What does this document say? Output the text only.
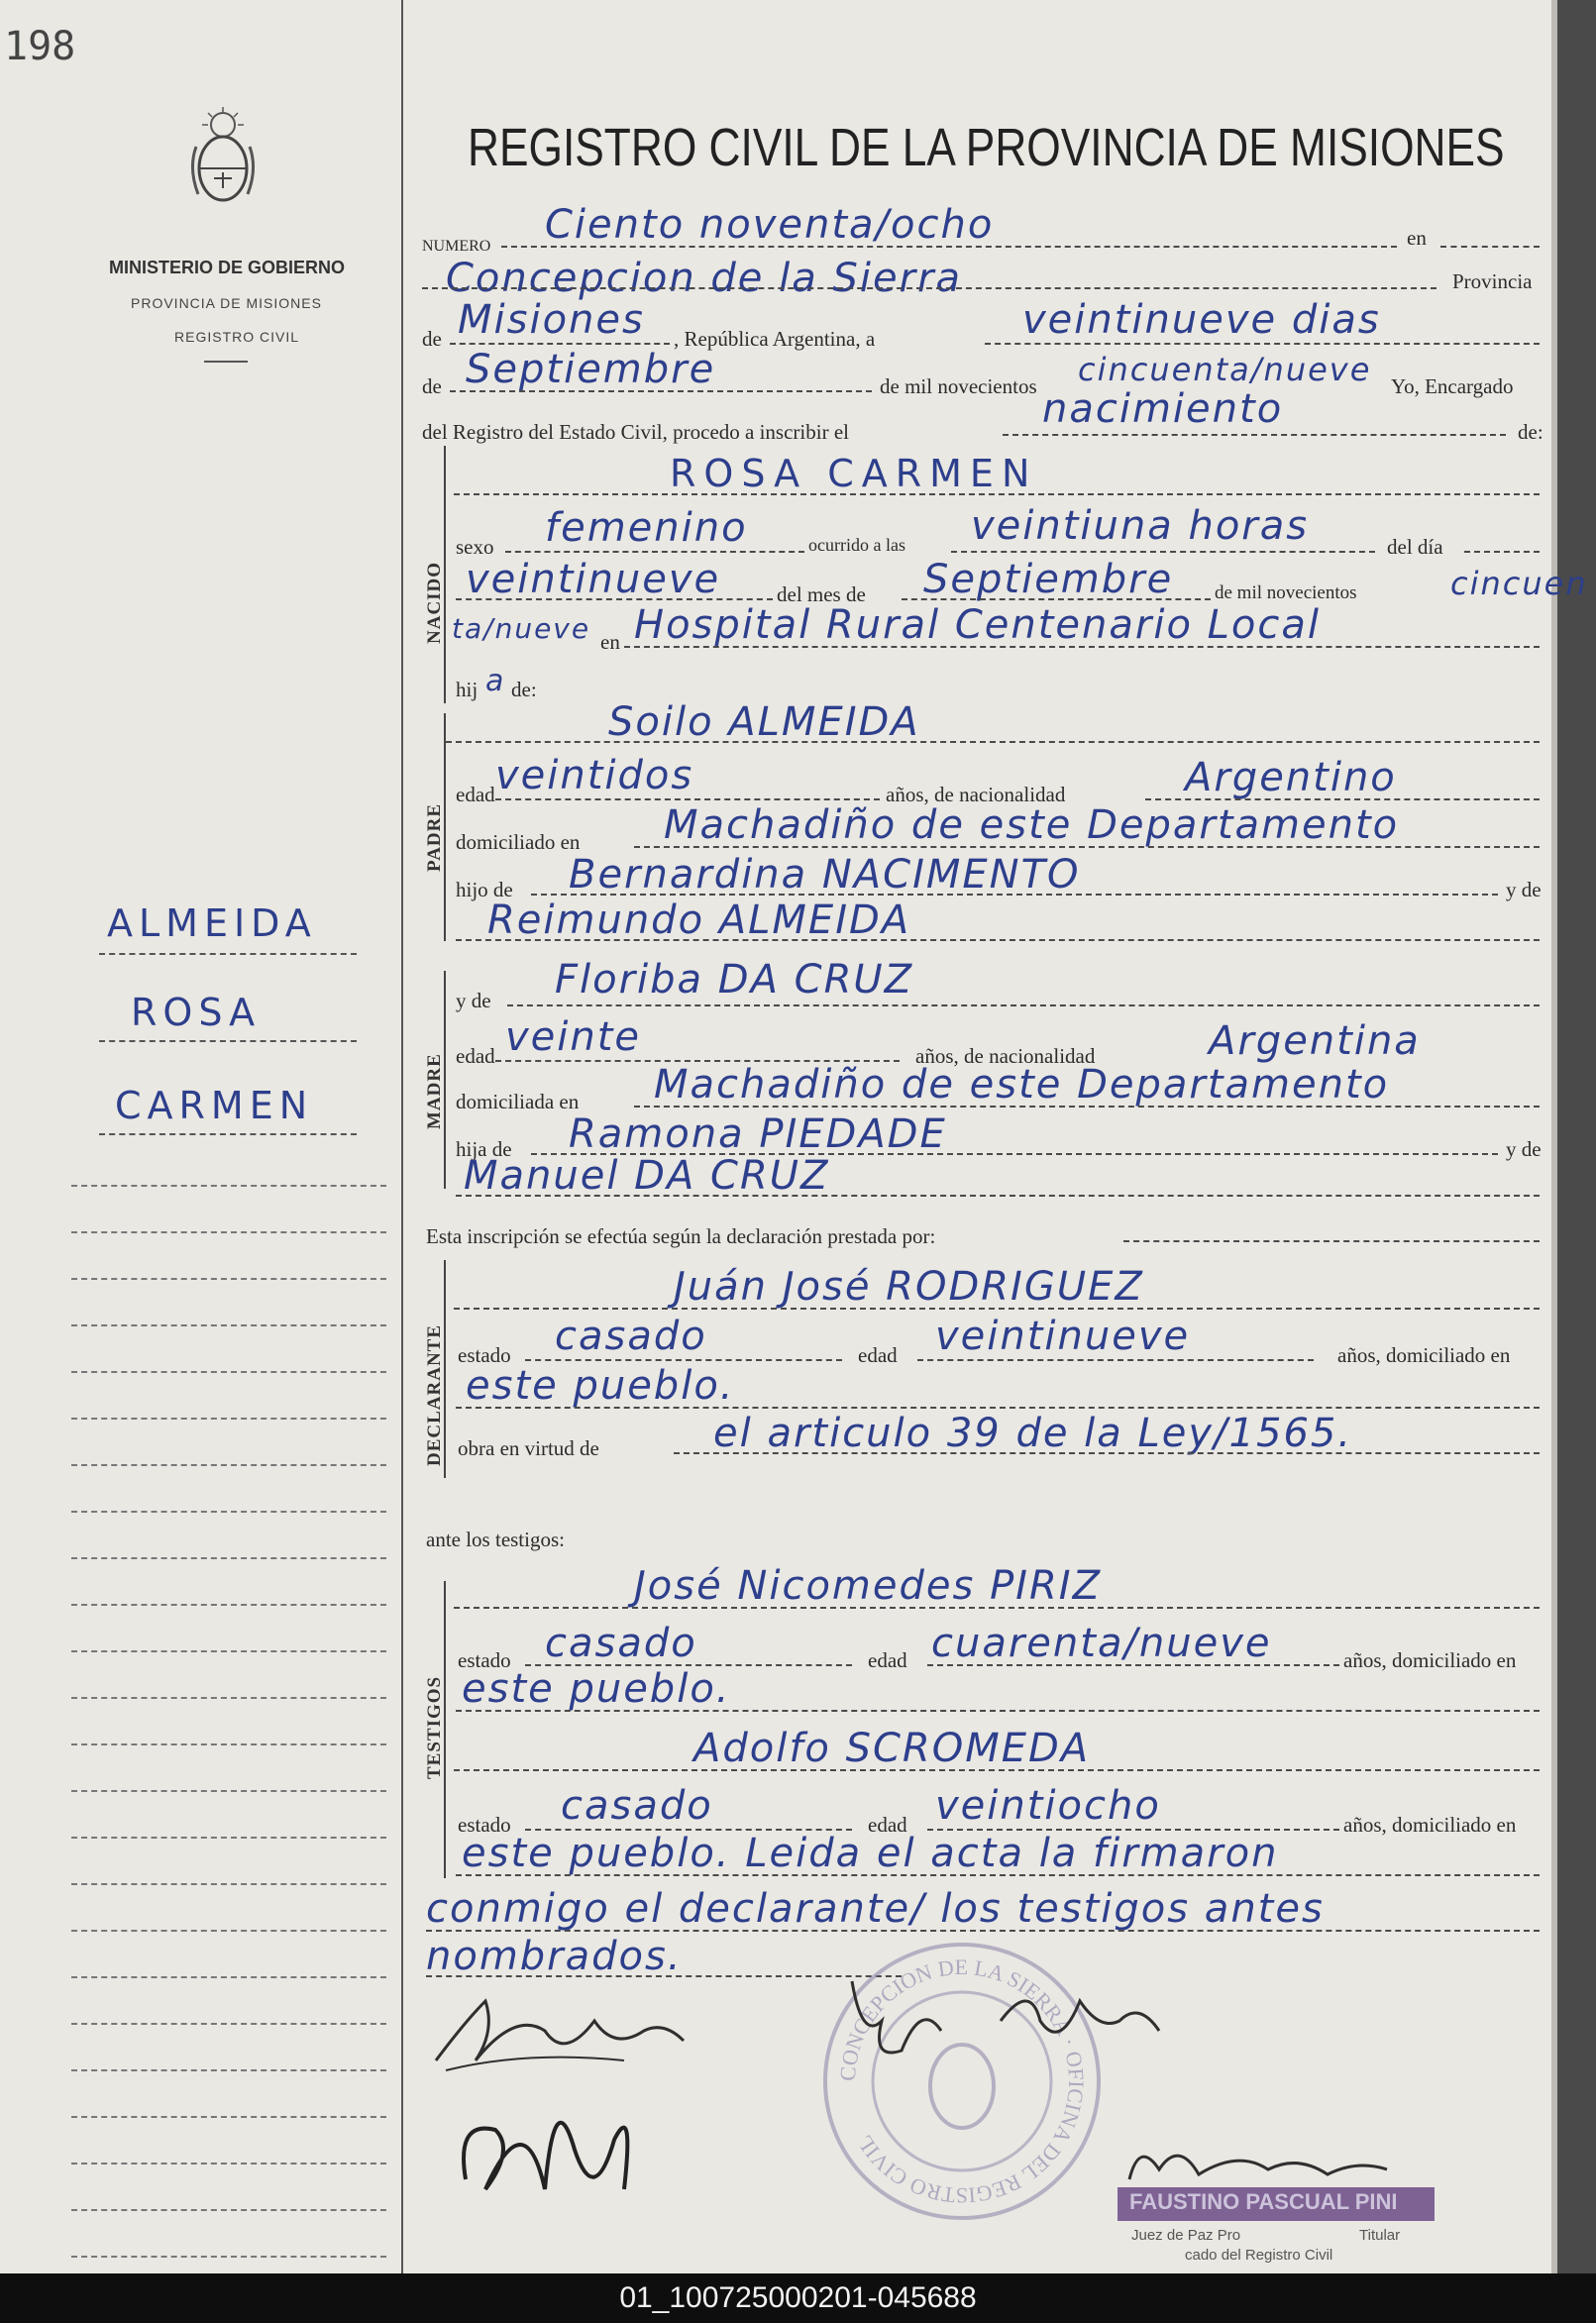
198
MINISTERIO DE GOBIERNO
PROVINCIA DE MISIONES
REGISTRO CIVIL
ALMEIDA
ROSA
CARMEN
REGISTRO CIVIL DE LA PROVINCIA DE MISIONES
NUMERO Ciento noventa/ocho	en
Concepcion de la Sierra	Provincia
de Misiones , República Argentina, a	veintinueve dias
de Septiembre	de mil novecientos cincuenta/nueve Yo, Encargado
del Registro del Estado Civil, procedo a inscribir el	nacimiento	de:
NACIDO
ROSA CARMEN
sexo femenino	ocurrido a las veintiuna horas	del día
veintinueve	del mes de Septiembre de mil novecientos	cincuen
ta/nueve en Hospital Rural Centenario Local
hij a de:
PADRE
Soilo ALMEIDA
edad veintidos	años, de nacionalidad	Argentino
domiciliado en Machadiño de este Departamento
hijo de Bernardina NACIMENTO	y de
Reimundo ALMEIDA
MADRE
y de Floriba DA CRUZ
edad veinte	años, de nacionalidad	Argentina
domiciliada en Machadiño de este Departamento
hija de Ramona PIEDADE	y de
Manuel DA CRUZ
Esta inscripción se efectúa según la declaración prestada por:
DECLARANTE
Juán José RODRIGUEZ
estado casado	edad veintinueve	años, domiciliado en
este pueblo.
obra en virtud de	el articulo 39 de la Ley/1565.
ante los testigos:
TESTIGOS
José Nicomedes PIRIZ
estado casado	edad cuarenta/nueve	años, domiciliado en
este pueblo.
Adolfo SCROMEDA
estado casado	edad veintiocho	años, domiciliado en
este pueblo. Leida el acta la firmaron
conmigo el declarante/ los testigos antes
nombrados.
CONCEPCION DE LA SIERRA · OFICINA DEL REGISTRO CIVIL
FAUSTINO PASCUAL PINI
Juez de Paz Pro	Titular
cado del Registro Civil
01_100725000201-045688
